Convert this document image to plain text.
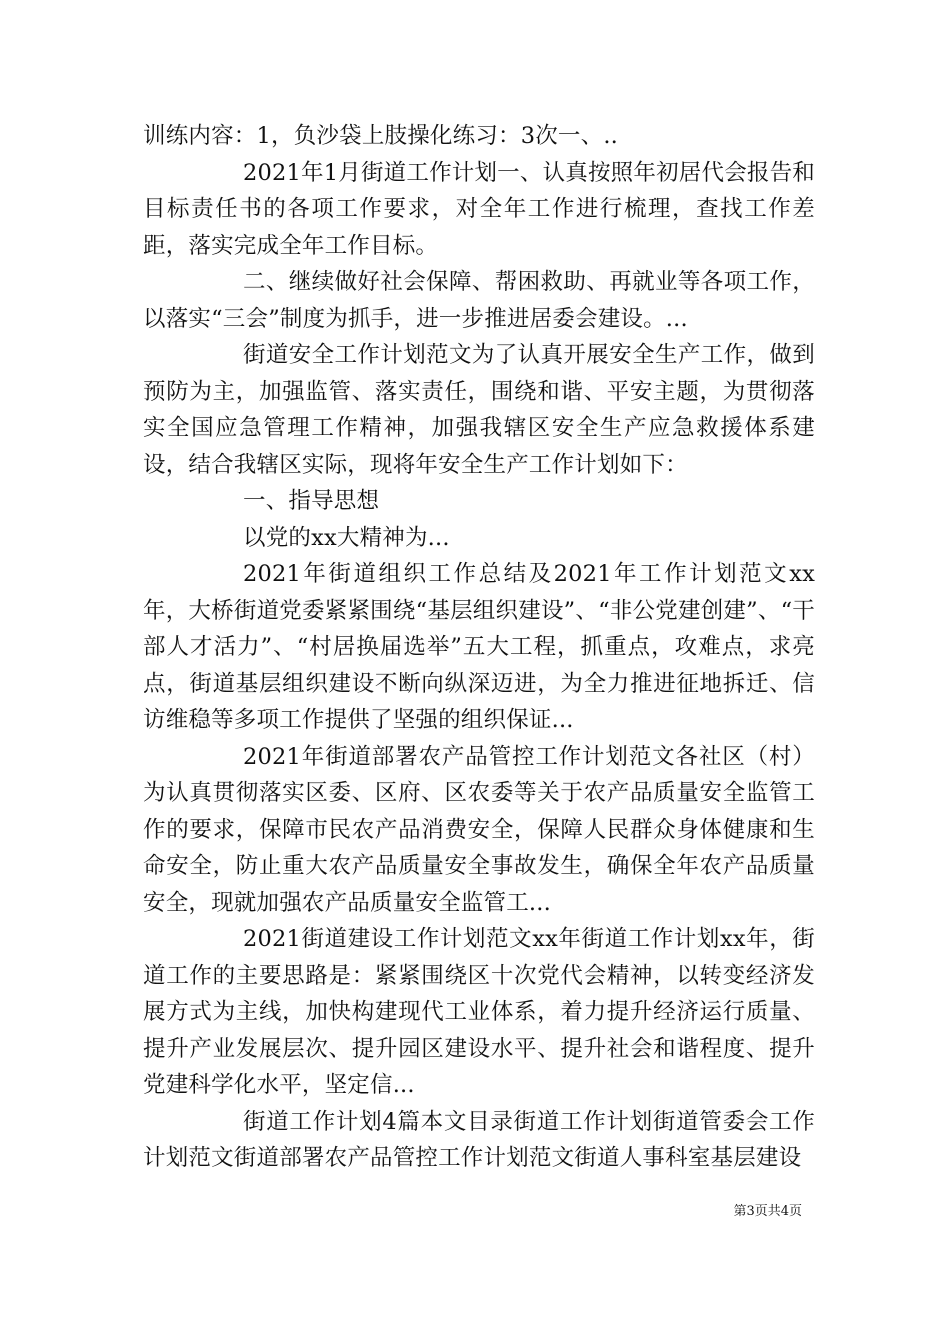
训练内容：1，负沙袋上肢操化练习：3次一、..

2021年1月街道工作计划一、认真按照年初居代会报告和目标责任书的各项工作要求，对全年工作进行梳理，查找工作差距，落实完成全年工作目标。

二、继续做好社会保障、帮困救助、再就业等各项工作，以落实“三会”制度为抓手，进一步推进居委会建设。...

街道安全工作计划范文为了认真开展安全生产工作，做到预防为主，加强监管、落实责任，围绕和谐、平安主题，为贯彻落实全国应急管理工作精神，加强我辖区安全生产应急救援体系建设，结合我辖区实际，现将年安全生产工作计划如下：

一、指导思想

以党的xx大精神为...

2021年街道组织工作总结及2021年工作计划范文xx年，大桥街道党委紧紧围绕“基层组织建设”、“非公党建创建”、“干部人才活力”、“村居换届选举”五大工程，抓重点，攻难点，求亮点，街道基层组织建设不断向纵深迈进，为全力推进征地拆迁、信访维稳等多项工作提供了坚强的组织保证...

2021年街道部署农产品管控工作计划范文各社区（村）为认真贯彻落实区委、区府、区农委等关于农产品质量安全监管工作的要求，保障市民农产品消费安全，保障人民群众身体健康和生命安全，防止重大农产品质量安全事故发生，确保全年农产品质量安全，现就加强农产品质量安全监管工...

2021街道建设工作计划范文xx年街道工作计划xx年，街道工作的主要思路是：紧紧围绕区十次党代会精神，以转变经济发展方式为主线，加快构建现代工业体系，着力提升经济运行质量、提升产业发展层次、提升园区建设水平、提升社会和谐程度、提升党建科学化水平，坚定信...

街道工作计划4篇本文目录街道工作计划街道管委会工作计划范文街道部署农产品管控工作计划范文街道人事科室基层建设

第3页共4页
